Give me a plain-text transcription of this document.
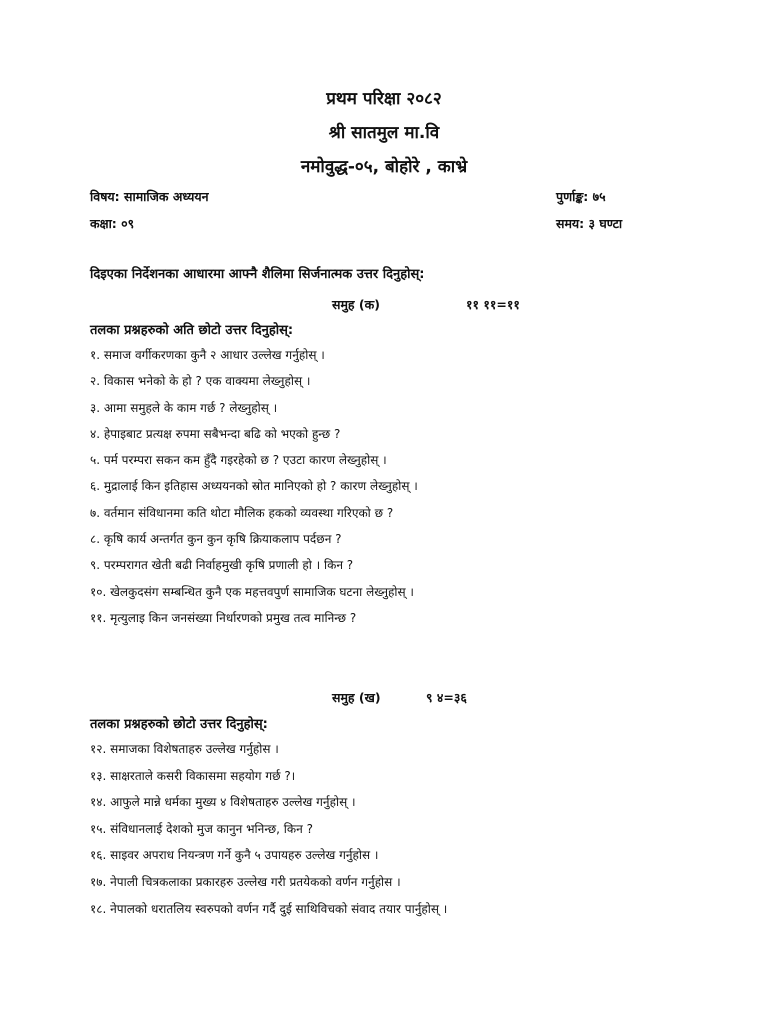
प्रथम परिक्षा २०८२
श्री सातमुल मा.वि
नमोवुद्ध-०५, बोहोरे , काभ्रे
विषय: सामाजिक अध्ययन	पुर्णाङ्क: ७५
कक्षा: ०९	समय: ३ घण्टा
दिइएका निर्देशनका आधारमा आफ्नै शैलिमा सिर्जनात्मक उत्तर दिनुहोस्:
समुह (क)	११ ११=११
तलका प्रश्नहरुको अति छोटो उत्तर दिनुहोस्:
१. समाज वर्गीकरणका कुनै २ आधार उल्लेख गर्नुहोस् ।
२. विकास भनेको के हो ? एक वाक्यमा लेख्नुहोस् ।
३. आमा समुहले के काम गर्छ ? लेख्नुहोस् ।
४. हेपाइबाट प्रत्यक्ष रुपमा सबैभन्दा बढि को भएको हुन्छ ?
५. पर्म परम्परा सकन कम हुँदै गइरहेको छ ? एउटा कारण लेख्नुहोस् ।
६. मुद्रालाई किन इतिहास अध्ययनको स्रोत मानिएको हो ? कारण लेख्नुहोस् ।
७. वर्तमान संविधानमा कति थोटा मौलिक हकको व्यवस्था गरिएको छ ?
८. कृषि कार्य अन्तर्गत कुन कुन कृषि क्रियाकलाप पर्दछन ?
९. परम्परागत खेती बढी निर्वाहमुखी कृषि प्रणाली हो । किन ?
१०. खेलकुदसंग सम्बन्धित कुनै एक महत्तवपुर्ण सामाजिक घटना लेख्नुहोस् ।
११. मृत्युलाइ किन जनसंख्या निर्धारणको प्रमुख तत्व मानिन्छ ?
समुह (ख)	९ ४=३६
तलका प्रश्नहरुको छोटो उत्तर दिनुहोस्:
१२. समाजका विशेषताहरु उल्लेख गर्नुहोस ।
१३. साक्षरताले कसरी विकासमा सहयोग गर्छ ?।
१४. आफुले मान्ने धर्मका मुख्य ४ विशेषताहरु उल्लेख गर्नुहोस् ।
१५. संविधानलाई देशको मुज कानुन भनिन्छ, किन ?
१६. साइवर अपराध नियन्त्रण गर्ने कुनै ५ उपायहरु उल्लेख गर्नुहोस ।
१७. नेपाली चित्रकलाका प्रकारहरु उल्लेख गरी प्रतयेकको वर्णन गर्नुहोस ।
१८. नेपालको धरातलिय स्वरुपको वर्णन गर्दै दुई साथिविचको संवाद तयार पार्नुहोस् ।
